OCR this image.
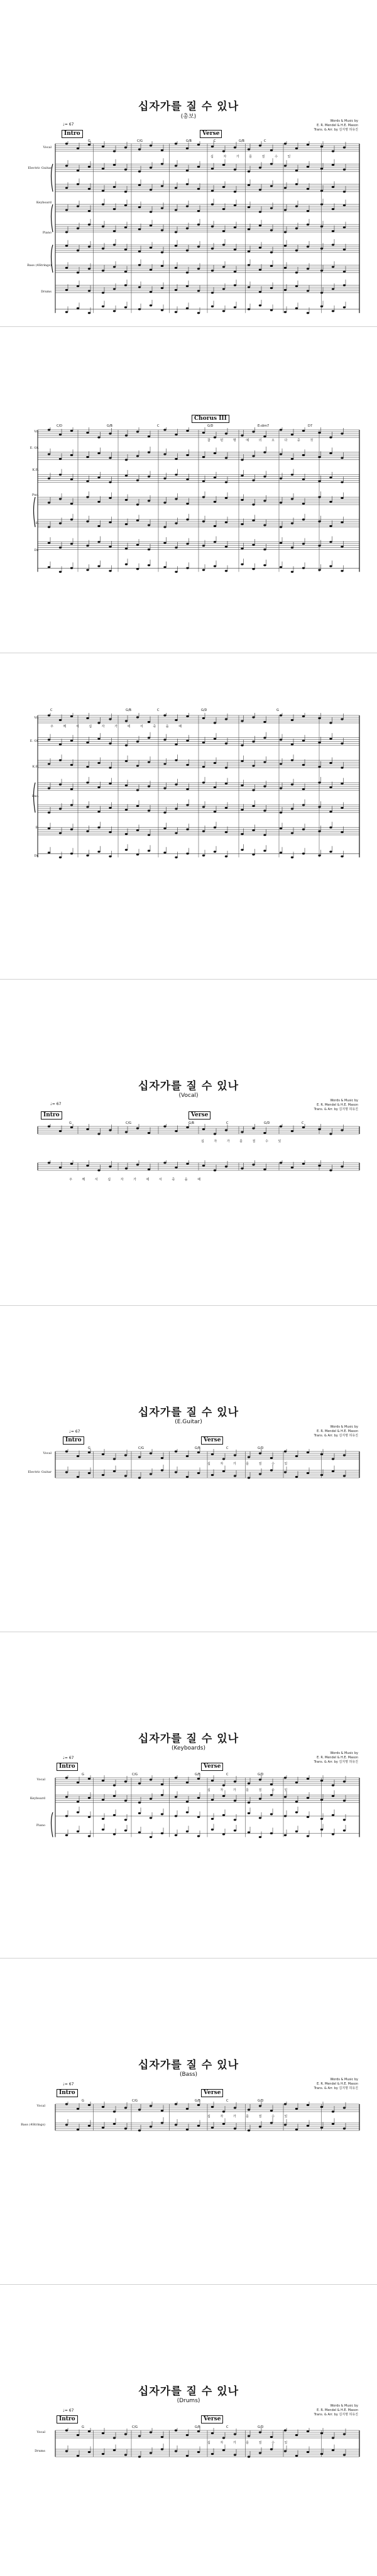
십자가를 질 수 있나
(총보)
Words & Music by
E. R. Mendel & H.E. Mason
Trans. & Arr. by 김지명 허유진
♩= 67
Intro	Verse
Vocal
Electric Guitar
Keyboard
Piano
Bass (4Strings)
Drums
G	C/G	G/B	C	G/B	C
십 자 가 를 질 수 있
Chorus III
Vo.
E. Gt.
K.B.
Pno.
B.
Dr.
C/D	G/B	C	G/D	E♭dim7	D7
참 된 명 예 의 오 다 중 것
Vo.
E. Gt.
K.B.
Pno.
B.
Dr.
C	G/B	C	G/D	G
주 께 서 십 자 가 에 서 죽 을 때
십자가를 질 수 있나
(Vocal)
Words & Music by
E. R. Mendel & H.E. Mason
Trans. & Arr. by 김지명 허유진
♩= 67
Intro	Verse
G	C/G	G/B	C	G/D	C
십 자 가 를 질 수 있
주 께 서 십 자 가 에 서 죽 을 때
십자가를 질 수 있나
(E.Guitar)
Words & Music by
E. R. Mendel & H.E. Mason
Trans. & Arr. by 김지명 허유진
♩= 67
Intro	Verse
Vocal
Electric Guitar
G	C/G	G/B	C	G/D
십 자 가 를 질 수 있
십자가를 질 수 있나
(Keyboards)
Words & Music by
E. R. Mendel & H.E. Mason
Trans. & Arr. by 김지명 허유진
♩= 67
Intro	Verse
Vocal
Keyboard
Piano
G	C/G	G/B	C	G/D
십 자 가 를 질 수 있
십자가를 질 수 있나
(Bass)
Words & Music by
E. R. Mendel & H.E. Mason
Trans. & Arr. by 김지명 허유진
♩= 67
Intro	Verse
Vocal
Bass (4Strings)
G	C/G	G/B	C	G/D
십 자 가 를 질 수 있
십자가를 질 수 있나
(Drums)
Words & Music by
E. R. Mendel & H.E. Mason
Trans. & Arr. by 김지명 허유진
♩= 67
Intro	Verse
Vocal
Drums
G	C/G	G/B	C	G/D
십 자 가 를 질 수 있
